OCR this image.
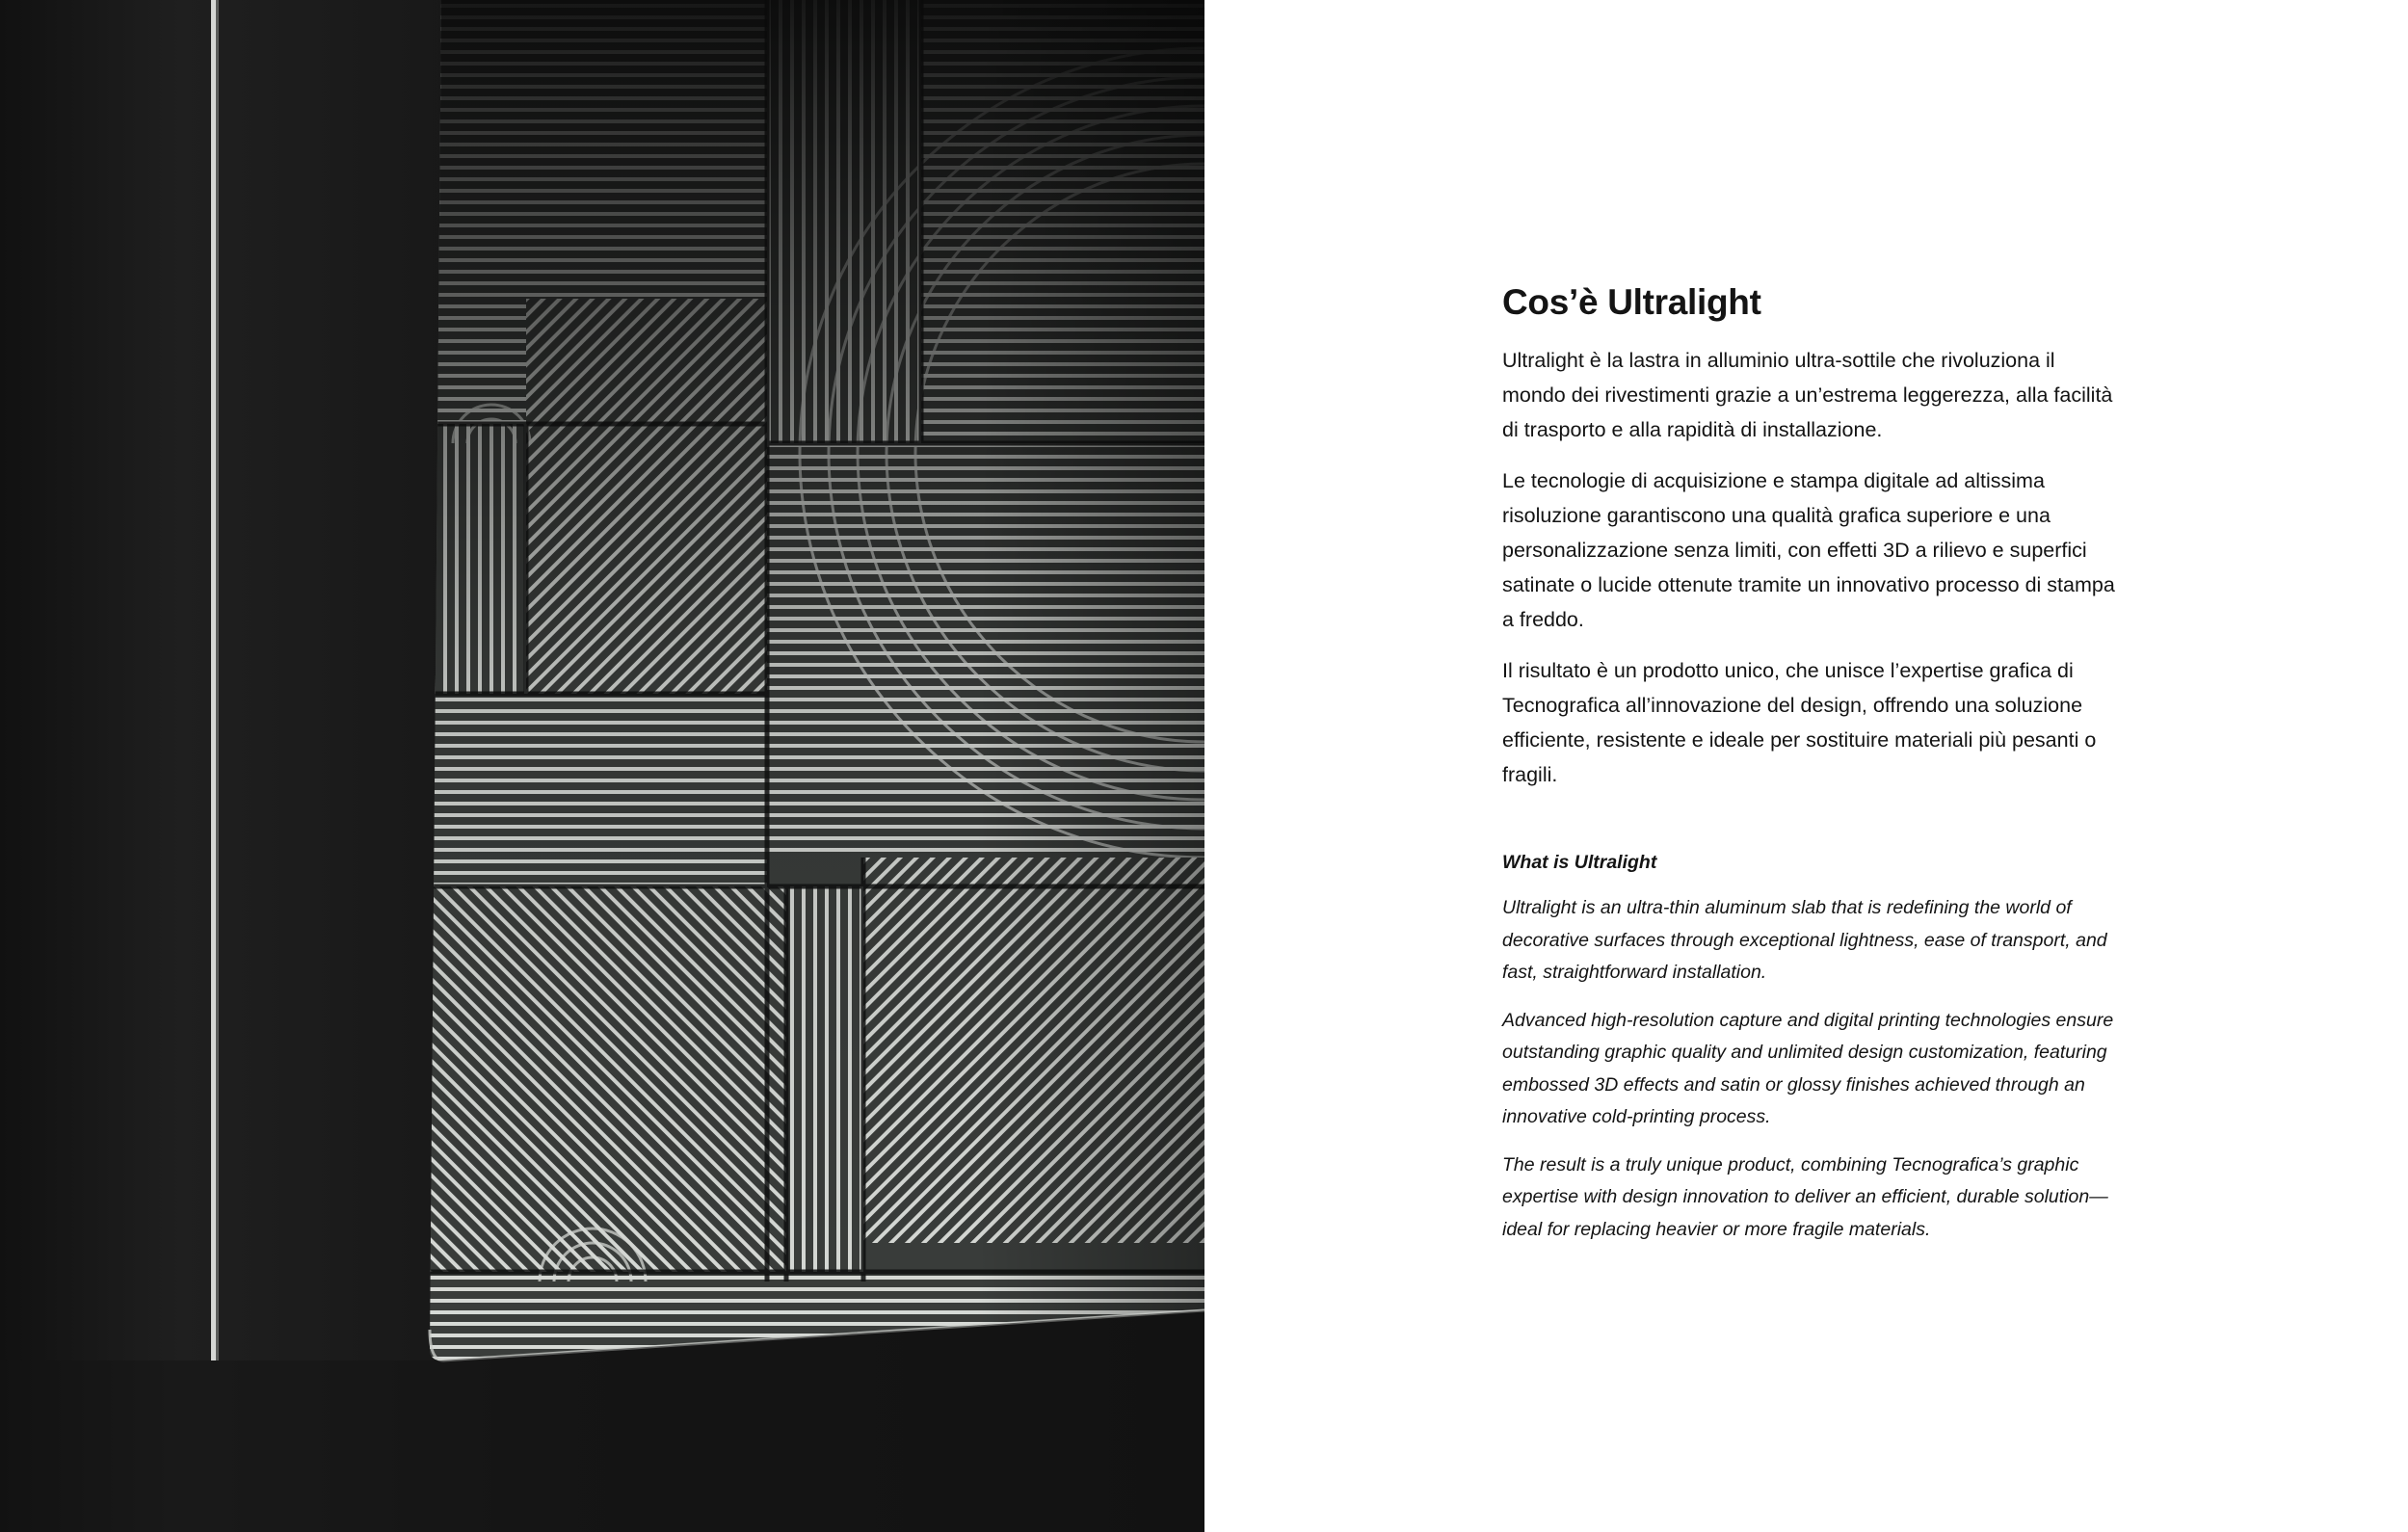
Cos’è Ultralight

Ultralight è la lastra in alluminio ultra-sottile che rivoluziona il mondo dei rivestimenti grazie a un’estrema leggerezza, alla facilità di trasporto e alla rapidità di installazione.

Le tecnologie di acquisizione e stampa digitale ad altissima risoluzione garantiscono una qualità grafica superiore e una personalizzazione senza limiti, con effetti 3D a rilievo e superfici satinate o lucide ottenute tramite un innovativo processo di stampa a freddo.

Il risultato è un prodotto unico, che unisce l’expertise grafica di Tecnografica all’innovazione del design, offrendo una soluzione efficiente, resistente e ideale per sostituire materiali più pesanti o fragili.

What is Ultralight

Ultralight is an ultra-thin aluminum slab that is redefining the world of decorative surfaces through exceptional lightness, ease of transport, and fast, straightforward installation.

Advanced high-resolution capture and digital printing technologies ensure outstanding graphic quality and unlimited design customization, featuring embossed 3D effects and satin or glossy finishes achieved through an innovative cold-printing process.

The result is a truly unique product, combining Tecnografica’s graphic expertise with design innovation to deliver an efficient, durable solution—ideal for replacing heavier or more fragile materials.
